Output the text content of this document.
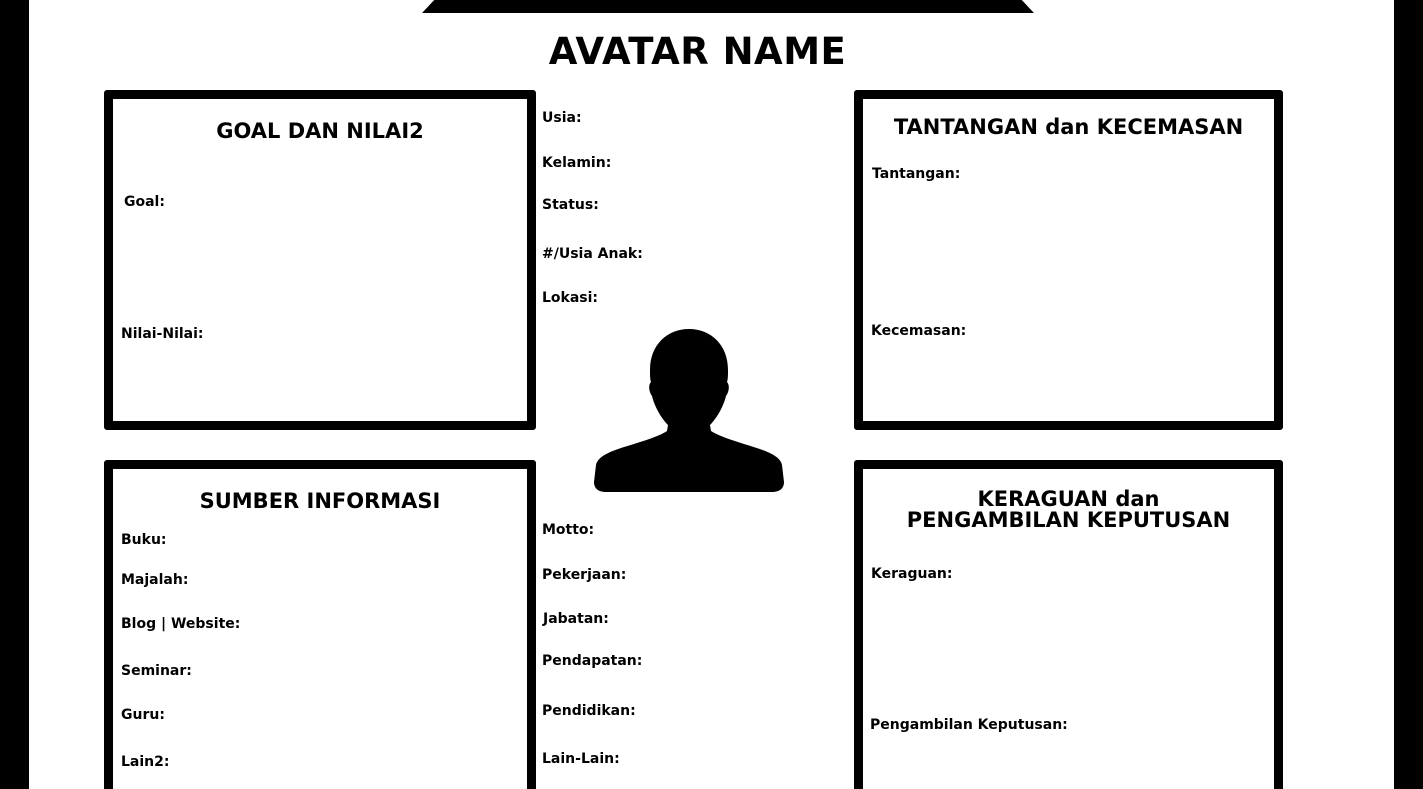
AVATAR NAME
GOAL DAN NILAI2
Goal:
Nilai-Nilai:
Usia:
Kelamin:
Status:
#/Usia Anak:
Lokasi:
TANTANGAN dan KECEMASAN
Tantangan:
Kecemasan:
SUMBER INFORMASI
Buku:
Majalah:
Blog | Website:
Seminar:
Guru:
Lain2:
Motto:
Pekerjaan:
Jabatan:
Pendapatan:
Pendidikan:
Lain-Lain:
KERAGUAN dan
PENGAMBILAN KEPUTUSAN
Keraguan:
Pengambilan Keputusan:
